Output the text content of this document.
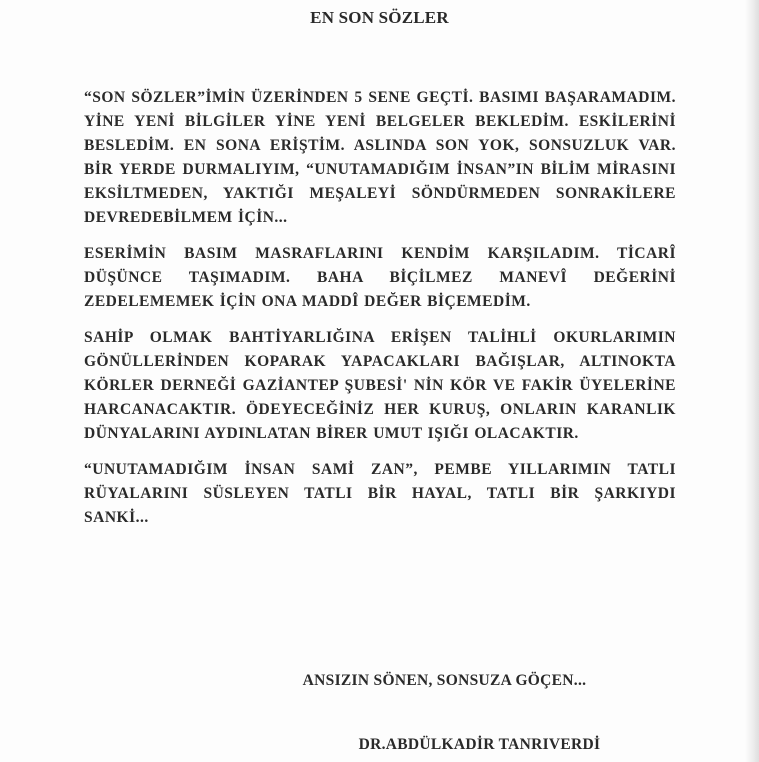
EN SON SÖZLER

“SON SÖZLER”İMİN ÜZERİNDEN 5 SENE GEÇTİ. BASIMI BAŞARAMADIM. YİNE YENİ BİLGİLER YİNE YENİ BELGELER BEKLEDİM. ESKİLERİNİ BESLEDİM. EN SONA ERİŞTİM. ASLINDA SON YOK, SONSUZLUK VAR. BİR YERDE DURMALIYIM, “UNUTAMADIĞIM İNSAN”IN BİLİM MİRASINI EKSİLTMEDEN, YAKTIĞI MEŞALEYİ SÖNDÜRMEDEN SONRAKİLERE DEVREDEBİLMEM İÇİN...

ESERİMİN BASIM MASRAFLARINI KENDİM KARŞILADIM. TİCARÎ DÜŞÜNCE TAŞIMADIM. BAHA BİÇİLMEZ MANEVÎ DEĞERİNİ ZEDELEMEMEK İÇİN ONA MADDÎ DEĞER BİÇEMEDİM.

SAHİP OLMAK BAHTİYARLIĞINA ERİŞEN TALİHLİ OKURLARIMIN GÖNÜLLERİNDEN KOPARAK YAPACAKLARI BAĞIŞLAR, ALTINOKTA KÖRLER DERNEĞİ GAZİANTEP ŞUBESİ' NİN KÖR VE FAKİR ÜYELERİNE HARCANACAKTIR. ÖDEYECEĞİNİZ HER KURUŞ, ONLARIN KARANLIK DÜNYALARINI AYDINLATAN BİRER UMUT IŞIĞI OLACAKTIR.

“UNUTAMADIĞIM İNSAN SAMİ ZAN”, PEMBE YILLARIMIN TATLI RÜYALARINI SÜSLEYEN TATLI BİR HAYAL, TATLI BİR ŞARKIYDI SANKİ...

ANSIZIN SÖNEN, SONSUZA GÖÇEN...
DR.ABDÜLKADİR TANRIVERDİ
